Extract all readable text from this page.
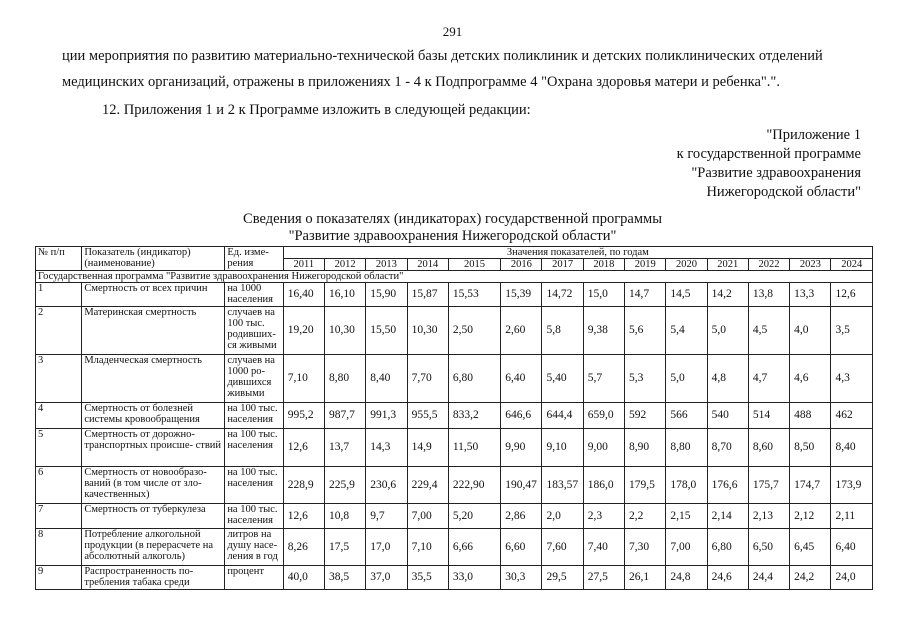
291
ции мероприятия по развитию материально-технической базы детских поликлиник и детских поликлинических отделений
медицинских организаций, отражены в приложениях 1 - 4 к Подпрограмме 4 "Охрана здоровья матери и ребенка".".
12. Приложения 1 и 2 к Программе изложить в следующей редакции:
"Приложение 1
к государственной программе
"Развитие здравоохранения
Нижегородской области"
Сведения о показателях (индикаторах) государственной программы
"Развитие здравоохранения Нижегородской области"
№ п/п	Показатель (индикатор) (наименование)	Ед. изме- рения	Значения показателей, по годам													
			2011	2012	2013	2014	2015	2016	2017	2018	2019	2020	2021	2022	2023	2024
Государственная программа "Развитие здравоохранения Нижегородской области"																
1	Смертность от всех причин	на 1000 населения	16,40	16,10	15,90	15,87	15,53	15,39	14,72	15,0	14,7	14,5	14,2	13,8	13,3	12,6
2	Материнская смертность	случаев на 100 тыс. родивших- ся живыми	19,20	10,30	15,50	10,30	2,50	2,60	5,8	9,38	5,6	5,4	5,0	4,5	4,0	3,5
3	Младенческая смертность	случаев на 1000 ро- дившихся живыми	7,10	8,80	8,40	7,70	6,80	6,40	5,40	5,7	5,3	5,0	4,8	4,7	4,6	4,3
4	Смертность от болезней системы кровообращения	на 100 тыс. населения	995,2	987,7	991,3	955,5	833,2	646,6	644,4	659,0	592	566	540	514	488	462
5	Смертность от дорожно- транспортных происше- ствий	на 100 тыс. населения	12,6	13,7	14,3	14,9	11,50	9,90	9,10	9,00	8,90	8,80	8,70	8,60	8,50	8,40
6	Смертность от новообразо- ваний (в том числе от зло- качественных)	на 100 тыс. населения	228,9	225,9	230,6	229,4	222,90	190,47	183,57	186,0	179,5	178,0	176,6	175,7	174,7	173,9
7	Смертность от туберкулеза	на 100 тыс. населения	12,6	10,8	9,7	7,00	5,20	2,86	2,0	2,3	2,2	2,15	2,14	2,13	2,12	2,11
8	Потребление алкогольной продукции (в перерасчете на абсолютный алкоголь)	литров на душу насе- ления в год	8,26	17,5	17,0	7,10	6,66	6,60	7,60	7,40	7,30	7,00	6,80	6,50	6,45	6,40
9	Распространенность по- требления табака среди	процент	40,0	38,5	37,0	35,5	33,0	30,3	29,5	27,5	26,1	24,8	24,6	24,4	24,2	24,0
